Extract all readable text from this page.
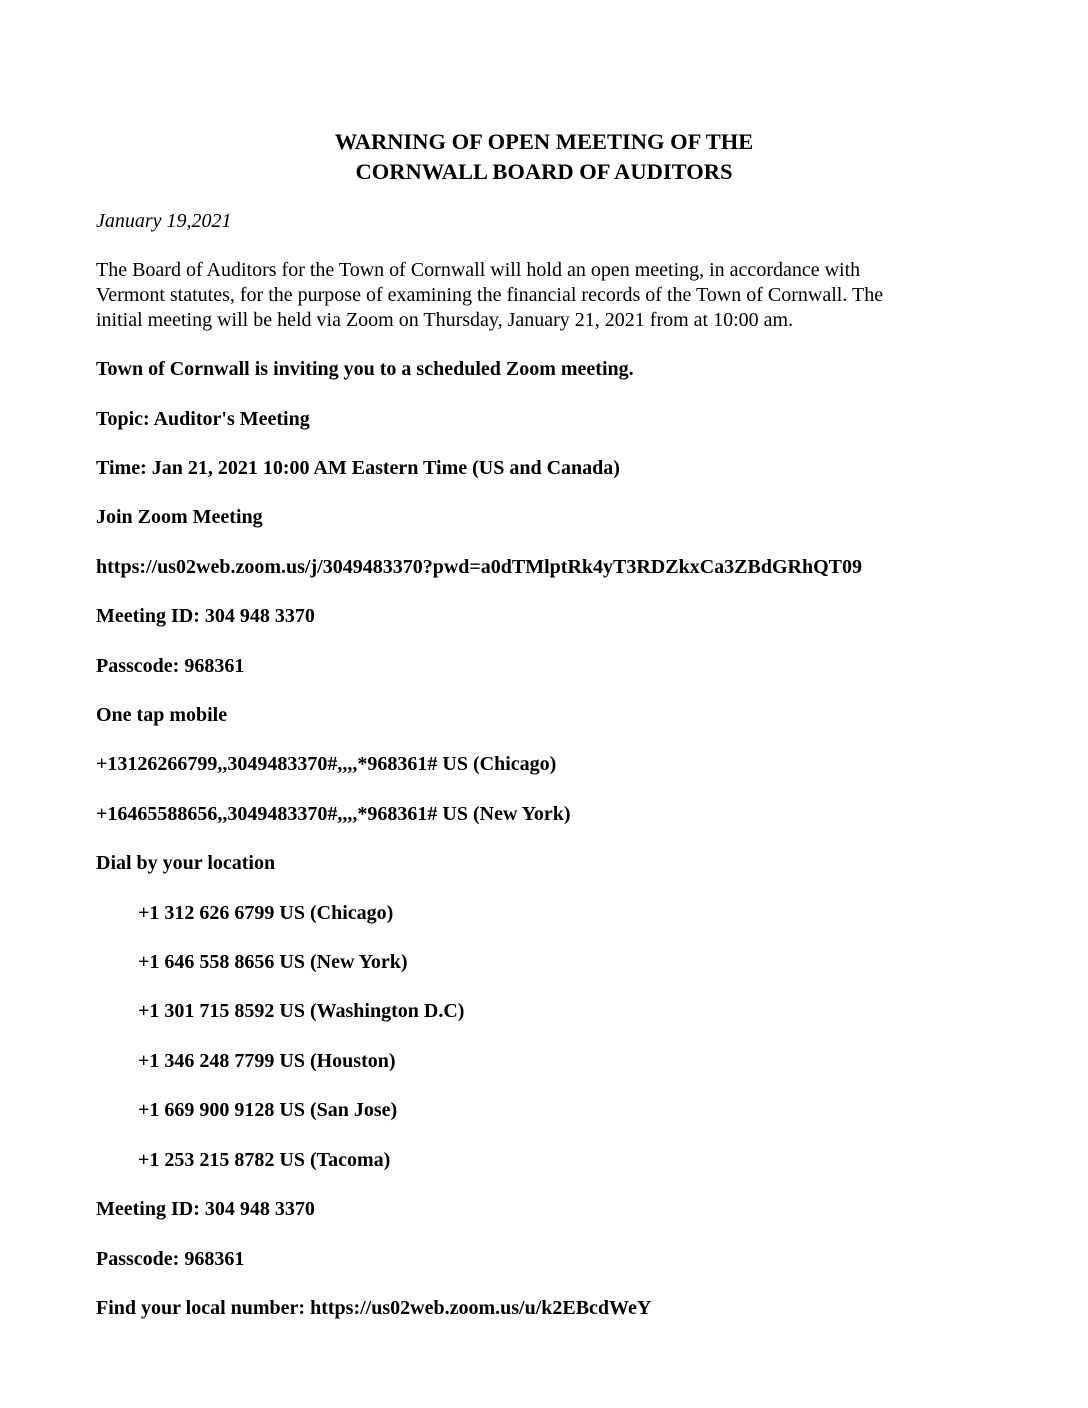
WARNING OF OPEN MEETING OF THE
CORNWALL BOARD OF AUDITORS

January 19,2021

The Board of Auditors for the Town of Cornwall will hold an open meeting, in accordance with
Vermont statutes, for the purpose of examining the financial records of the Town of Cornwall. The
initial meeting will be held via Zoom on Thursday, January 21, 2021 from at 10:00 am.

Town of Cornwall is inviting you to a scheduled Zoom meeting.

Topic: Auditor's Meeting

Time: Jan 21, 2021 10:00 AM Eastern Time (US and Canada)

Join Zoom Meeting

https://us02web.zoom.us/j/3049483370?pwd=a0dTMlptRk4yT3RDZkxCa3ZBdGRhQT09

Meeting ID: 304 948 3370

Passcode: 968361

One tap mobile

+13126266799,,3049483370#,,,,*968361# US (Chicago)

+16465588656,,3049483370#,,,,*968361# US (New York)

Dial by your location

+1 312 626 6799 US (Chicago)

+1 646 558 8656 US (New York)

+1 301 715 8592 US (Washington D.C)

+1 346 248 7799 US (Houston)

+1 669 900 9128 US (San Jose)

+1 253 215 8782 US (Tacoma)

Meeting ID: 304 948 3370

Passcode: 968361

Find your local number: https://us02web.zoom.us/u/k2EBcdWeY
